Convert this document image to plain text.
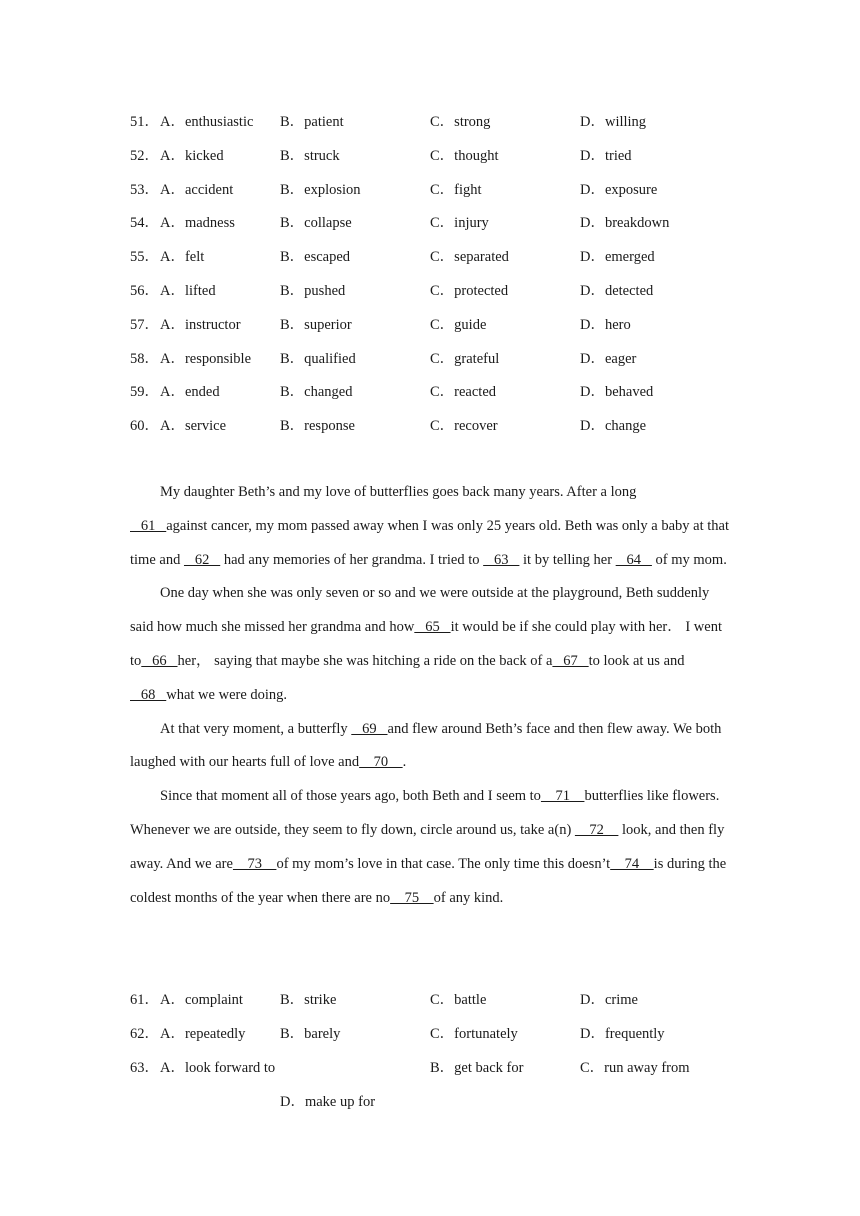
51． A．enthusiastic B．patient	C．strong	D．willing
52． A．kicked	B．struck	C．thought	D．tried
53． A．accident	B．explosion	C．fight	D．exposure
54． A．madness	B．collapse	C．injury	D．breakdown
55． A．felt	B．escaped	C．separated	D．emerged
56． A．lifted	B．pushed	C．protected	D．detected
57． A．instructor	B．superior	C．guide	D．hero
58． A．responsible B．qualified	C．grateful	D．eager
59． A．ended	B．changed	C．reacted	D．behaved
60． A．service	B．response	C．recover	D．change

My daughter Beth’s and my love of butterflies goes back many years. After a long
61   against cancer, my mom passed away when I was only 25 years old. Beth was only a baby at that time and    62    had any memories of her grandma. I tried to    63    it by telling her    64    of my mom.

One day when she was only seven or so and we were outside at the playground, Beth suddenly said how much she missed her grandma and how   65   it would be if she could play with her． I went to   66   her， saying that maybe she was hitching a ride on the back of a   67   to look at us and   68   what we were doing.

At that very moment, a butterfly    69   and flew around Beth’s face and then flew away. We both laughed with our hearts full of love and    70    .

Since that moment all of those years ago, both Beth and I seem to    71    butterflies like flowers. Whenever we are outside, they seem to fly down, circle around us, take a(n)     72     look, and then fly away. And we are    73    of my mom’s love in that case. The only time this doesn’t    74    is during the coldest months of the year when there are no    75    of any kind.

61． A．complaint	B．strike	C．battle	D．crime
62． A．repeatedly B．barely	C．fortunately	D．frequently
63． A．look forward to	B．get back for	C．run away from
D．make up for
